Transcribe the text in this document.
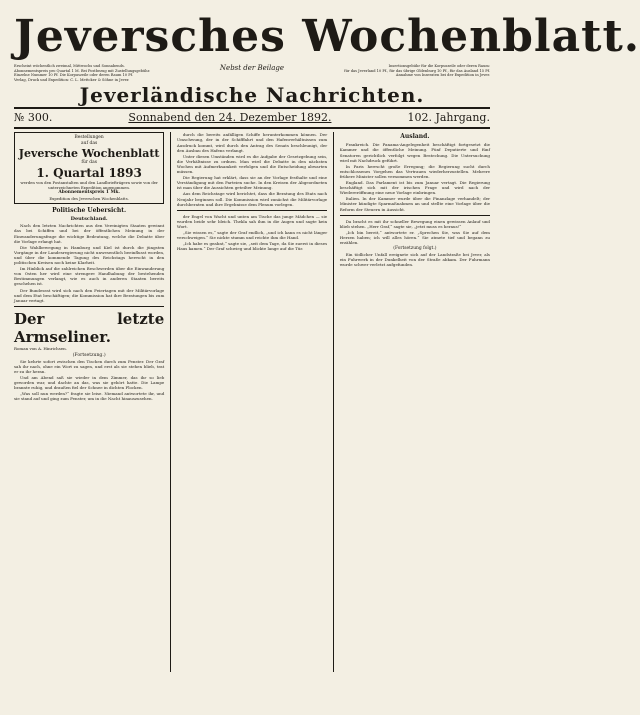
Jeversches Wochenblatt.
Erscheint wöchentlich zweimal, Mittwochs und Sonnabends.
Abonnementspreis pro Quartal 1 M. Bei Postbezug mit Zustellungsgebühr.
Einzelne Nummer 10 Pf. Die Korpuszeile oder deren Raum 10 Pf.
Verlag, Druck und Expedition: C. L. Mettcker & Söhne in Jever.
Nebst der Beilage	Insertionsgebühr für die Korpuszeile oder deren Raum:
für das Jeverland 10 Pf., für das übrige Oldenburg 10 Pf., für das Ausland 15 Pf.
Annahme von Inseraten bei der Expedition in Jever.
Jeverländische Nachrichten.
№ 300.	Sonnabend den 24. Dezember 1892.	102. Jahrgang.
Bestellungen
auf das
Jeversche Wochenblatt
für das
1. Quartal 1893
werden von den Postanstalten und den Landbriefträgern sowie von der unterzeichneten Expedition angenommen.
Abonnementspreis 1 Mk.
Expedition des Jeverschen Wochenblatts.
Politische Uebersicht.
Deutschland.

Nach den letzten Nachrichten aus den Vereinigten Staaten gewinnt das bei Schiffen und bei der öffentlichen Meinung in der Einwanderungsfrage die wichtige Bedeutung, welche die Debatte über die Vorlage erlangt hat.

Die Wahlbewegung in Hamburg und Kiel ist durch die jüngsten Vorgänge in der Landesregierung nicht unwesentlich beeinflusst worden, und über die kommende Tagung des Reichstags herrscht in den politischen Kreisen noch keine Klarheit.

Im Hinblick auf die zahlreichen Beschwerden über die Einwanderung von Osten her wird eine strengere Handhabung der bestehenden Bestimmungen verlangt, wie es auch in anderen Staaten bereits geschehen ist.

Der Bundesrat wird sich nach den Feiertagen mit der Militärvorlage und dem Etat beschäftigen; die Kommission hat ihre Beratungen bis zum Januar vertagt.

Der letzte Armseliner.
Roman von A. Hinrichsen.
(Fortsetzung.)

Sie kehrte sofort zwischen den Tischen durch zum Fenster. Der Graf sah ihr nach, ohne ein Wort zu sagen, und erst als sie stehen blieb, trat er zu ihr heran.

Und am Abend saß sie wieder in dem Zimmer, das ihr so lieb geworden war, und dachte an das, was sie gehört hatte. Die Lampe brannte ruhig, und draußen fiel der Schnee in dichten Flocken.

„Was soll nun werden?“ fragte sie leise. Niemand antwortete ihr, und sie stand auf und ging zum Fenster, um in die Nacht hinauszusehen.

durch die bereits anfälligen Schiffe herunterkommen können. Der Umschwung, der in der Schifffahrt und den Hafenverhältnissen zum Ausdruck kommt, wird durch den Antrag des Senats beschleunigt, der den Ausbau des Hafens verlangt.

Unter diesen Umständen wird es die Aufgabe der Gesetzgebung sein, die Verhältnisse zu ordnen. Man wird die Debatte in den nächsten Wochen mit Aufmerksamkeit verfolgen und die Entscheidung abwarten müssen.

Die Regierung hat erklärt, dass sie an der Vorlage festhalte und eine Verständigung mit den Parteien suche. In den Kreisen der Abgeordneten ist man über die Aussichten geteilter Meinung.

Aus dem Reichstage wird berichtet, dass die Beratung des Etats nach Neujahr beginnen soll. Die Kommission wird zunächst die Militärvorlage durchberaten und ihre Ergebnisse dem Plenum vorlegen.

der Engel von Wacht und unten am Tische das junge Mädchen — sie wurden beide sehr bleich. Thekla sah ihm in die Augen und sagte kein Wort.

„Sie wissen es,“ sagte der Graf endlich, „und ich kann es nicht länger verschweigen.“ Sie nickte stumm und reichte ihm die Hand.

„Ich habe es geahnt,“ sagte sie, „seit dem Tage, da Sie zuerst in dieses Haus kamen.“ Der Graf schwieg und blickte lange auf die Tür.

Ausland.

Frankreich. Die Panama-Angelegenheit beschäftigt fortgesetzt die Kammer und die öffentliche Meinung. Fünf Deputierte und fünf Senatoren gerichtlich verfolgt wegen Bestechung. Die Untersuchung wird mit Nachdruck geführt.

In Paris herrscht große Erregung; die Regierung sucht durch entschlossenes Vorgehen das Vertrauen wiederherzustellen. Mehrere frühere Minister sollen vernommen werden.

England. Das Parlament ist bis zum Januar vertagt. Die Regierung beschäftigt sich mit der irischen Frage und wird nach der Wiedereröffnung eine neue Vorlage einbringen.

Italien. In der Kammer wurde über die Finanzlage verhandelt; der Minister kündigte Sparmaßnahmen an und stellte eine Vorlage über die Reform der Steuern in Aussicht.

Da bracht es mit ihr schneller Bewegung einen gewissen Anlauf und blieb stehen. „Herr Graf,“ sagte sie, „jetzt muss es heraus!“

„Ich bin bereit,“ antwortete er. „Sprechen Sie, was Sie auf dem Herzen haben; ich will alles hören.“ Sie atmete tief und begann zu erzählen.

(Fortsetzung folgt.)

Ein tödlicher Unfall ereignete sich auf der Landstraße bei Jever, als ein Fuhrwerk in der Dunkelheit von der Straße abkam. Der Fuhrmann wurde schwer verletzt aufgefunden.
